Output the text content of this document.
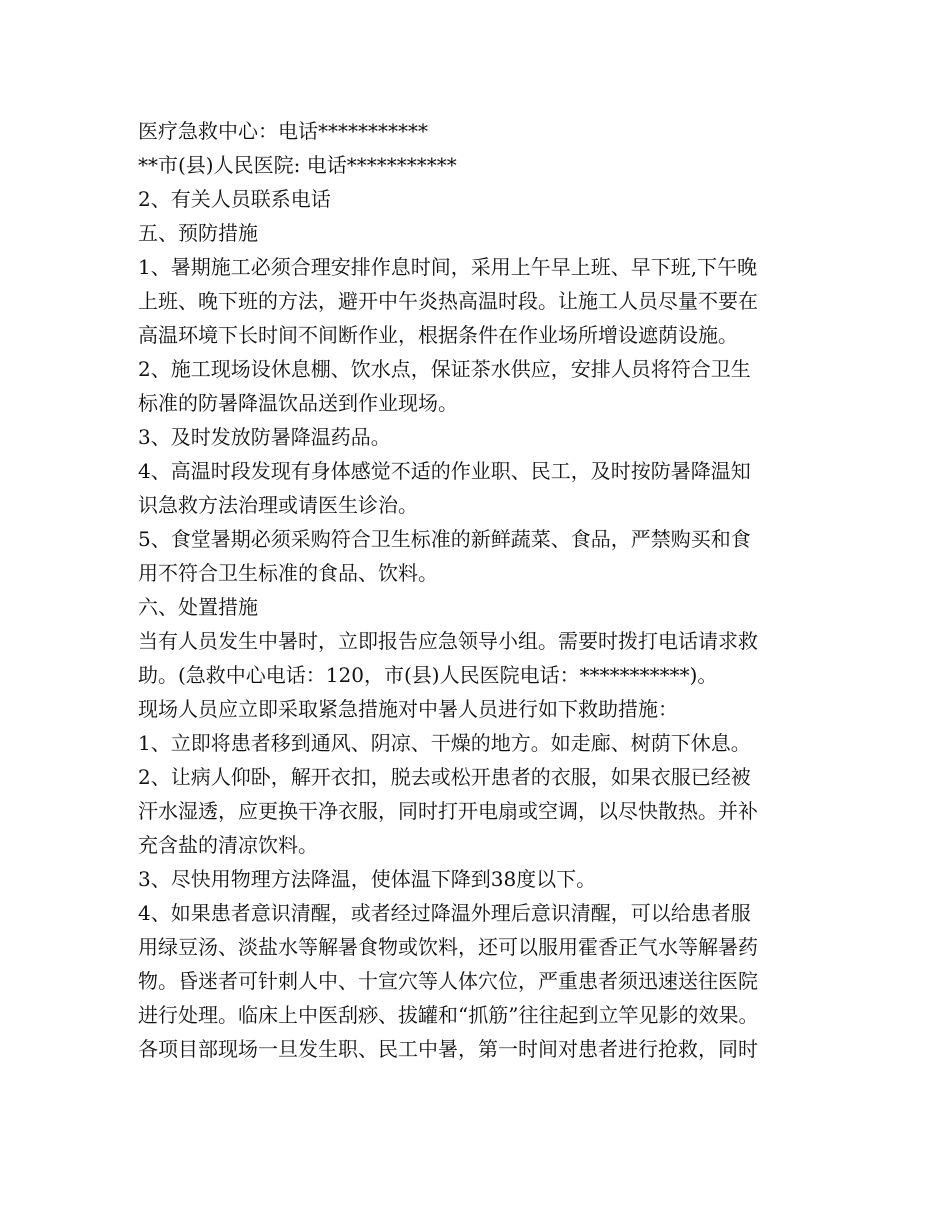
医疗急救中心：电话***********
**市(县)人民医院: 电话***********
2、有关人员联系电话
五、预防措施
1、暑期施工必须合理安排作息时间，采用上午早上班、早下班,下午晚
上班、晚下班的方法，避开中午炎热高温时段。让施工人员尽量不要在
高温环境下长时间不间断作业，根据条件在作业场所增设遮荫设施。
2、施工现场设休息棚、饮水点，保证茶水供应，安排人员将符合卫生
标准的防暑降温饮品送到作业现场。
3、及时发放防暑降温药品。
4、高温时段发现有身体感觉不适的作业职、民工，及时按防暑降温知
识急救方法治理或请医生诊治。
5、食堂暑期必须采购符合卫生标准的新鲜蔬菜、食品，严禁购买和食
用不符合卫生标准的食品、饮料。
六、处置措施
当有人员发生中暑时，立即报告应急领导小组。需要时拨打电话请求救
助。(急救中心电话：120，市(县)人民医院电话：***********)。
现场人员应立即采取紧急措施对中暑人员进行如下救助措施：
1、立即将患者移到通风、阴凉、干燥的地方。如走廊、树荫下休息。
2、让病人仰卧，解开衣扣，脱去或松开患者的衣服，如果衣服已经被
汗水湿透，应更换干净衣服，同时打开电扇或空调，以尽快散热。并补
充含盐的清凉饮料。
3、尽快用物理方法降温，使体温下降到38度以下。
4、如果患者意识清醒，或者经过降温外理后意识清醒，可以给患者服
用绿豆汤、淡盐水等解暑食物或饮料，还可以服用霍香正气水等解暑药
物。昏迷者可针刺人中、十宣穴等人体穴位，严重患者须迅速送往医院
进行处理。临床上中医刮痧、拔罐和“抓筋”往往起到立竿见影的效果。
各项目部现场一旦发生职、民工中暑，第一时间对患者进行抢救，同时
